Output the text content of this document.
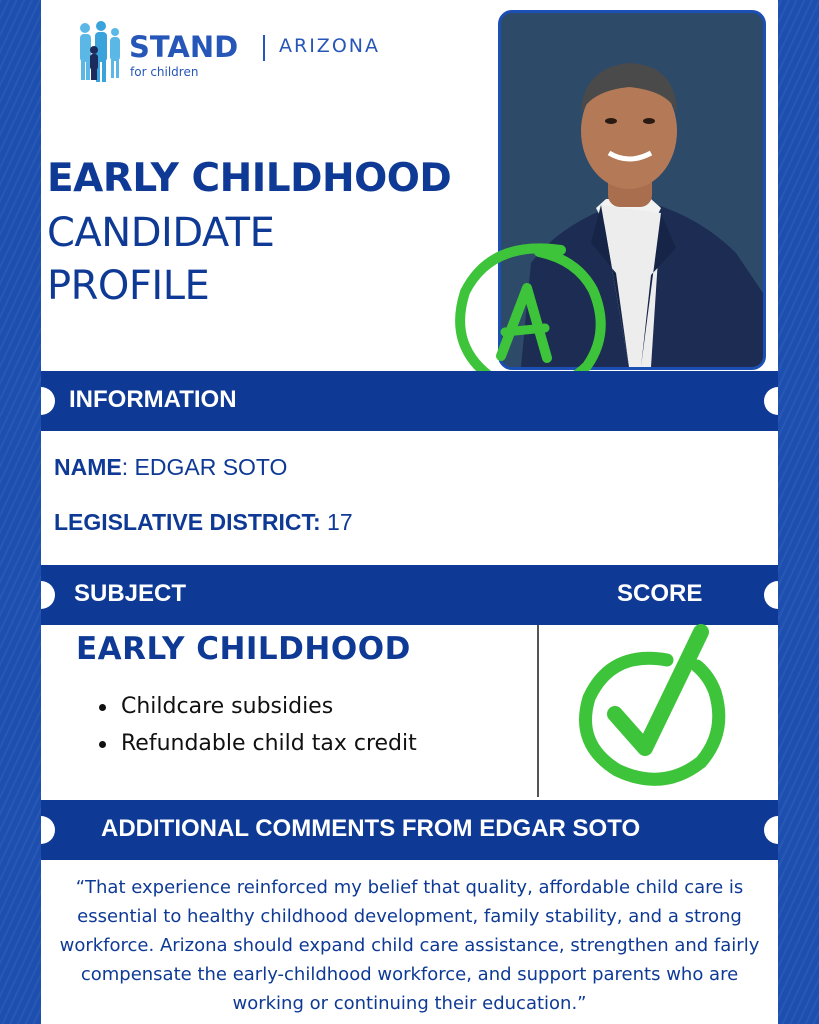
STAND
for children
ARIZONA
EARLY CHILDHOOD
CANDIDATE
PROFILE
A
INFORMATION
NAME: EDGAR SOTO
LEGISLATIVE DISTRICT: 17
SUBJECT	SCORE
EARLY CHILDHOOD
Childcare subsidies
Refundable child tax credit
ADDITIONAL COMMENTS FROM EDGAR SOTO
“That experience reinforced my belief that quality, affordable child care is essential to healthy childhood development, family stability, and a strong workforce. Arizona should expand child care assistance, strengthen and fairly compensate the early-childhood workforce, and support parents who are working or continuing their education.”
